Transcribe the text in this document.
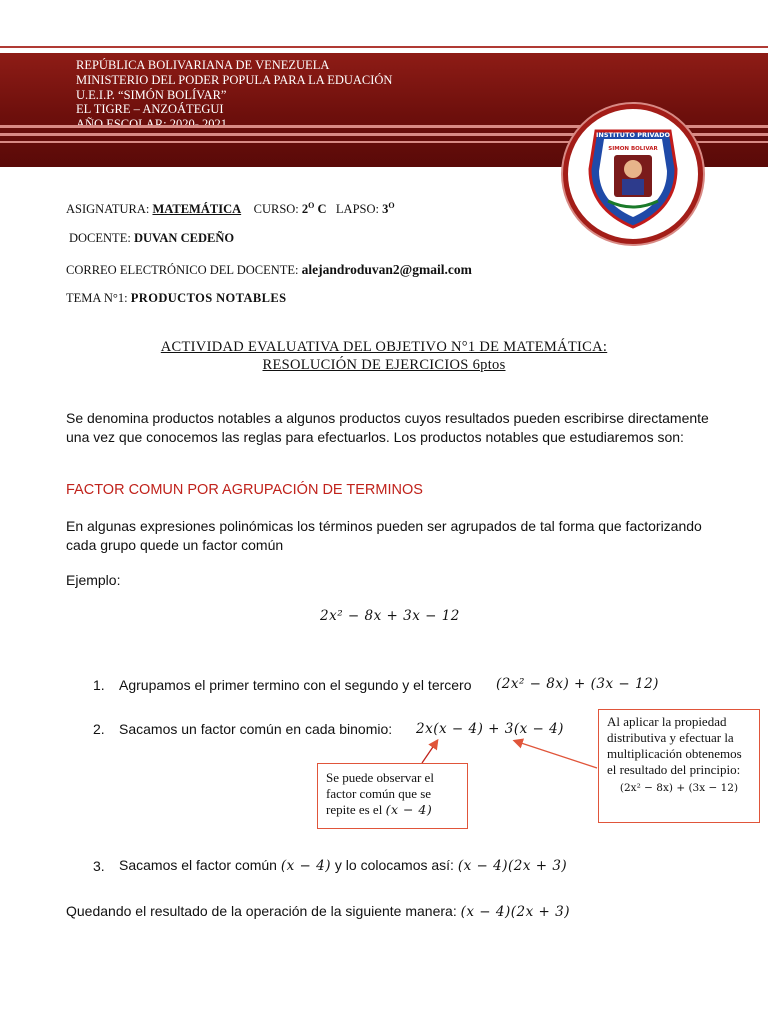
REPÚBLICA BOLIVARIANA DE VENEZUELA
MINISTERIO DEL PODER POPULA PARA LA EDUACIÓN
U.E.I.P. “SIMÓN BOLÍVAR”
EL TIGRE – ANZOÁTEGUI
INSTITUTO PRIVADO
SIMON BOLIVAR
ASIGNATURA: MATEMÁTICA CURSO: $2^O$ C LAPSO: $3^O$
DOCENTE: DUVAN CEDEÑO
CORREO ELECTRÓNICO DEL DOCENTE: alejandroduvan2@gmail.com
TEMA N°1: PRODUCTOS NOTABLES
ACTIVIDAD EVALUATIVA DEL OBJETIVO N°1 DE MATEMÁTICA:
RESOLUCIÓN DE EJERCICIOS 6ptos
Se denomina productos notables a algunos productos cuyos resultados pueden escribirse directamente una vez que conocemos las reglas para efectuarlos. Los productos notables que estudiaremos son:
FACTOR COMUN POR AGRUPACIÓN DE TERMINOS
En algunas expresiones polinómicas los términos pueden ser agrupados de tal forma que factorizando cada grupo quede un factor común
Ejemplo:
2x² − 8x + 3x − 12
1. Agrupamos el primer termino con el segundo y el tercero (2x² − 8x) + (3x − 12)
2. Sacamos un factor común en cada binomio: 2x(x − 4) + 3(x − 4)
Se puede observar el factor común que se repite es el (x − 4)
Al aplicar la propiedad distributiva y efectuar la multiplicación obtenemos el resultado del principio:
(2x² − 8x) + (3x − 12)
3. Sacamos el factor común (x − 4) y lo colocamos así: (x − 4)(2x + 3)
Quedando el resultado de la operación de la siguiente manera: (x − 4)(2x + 3)
